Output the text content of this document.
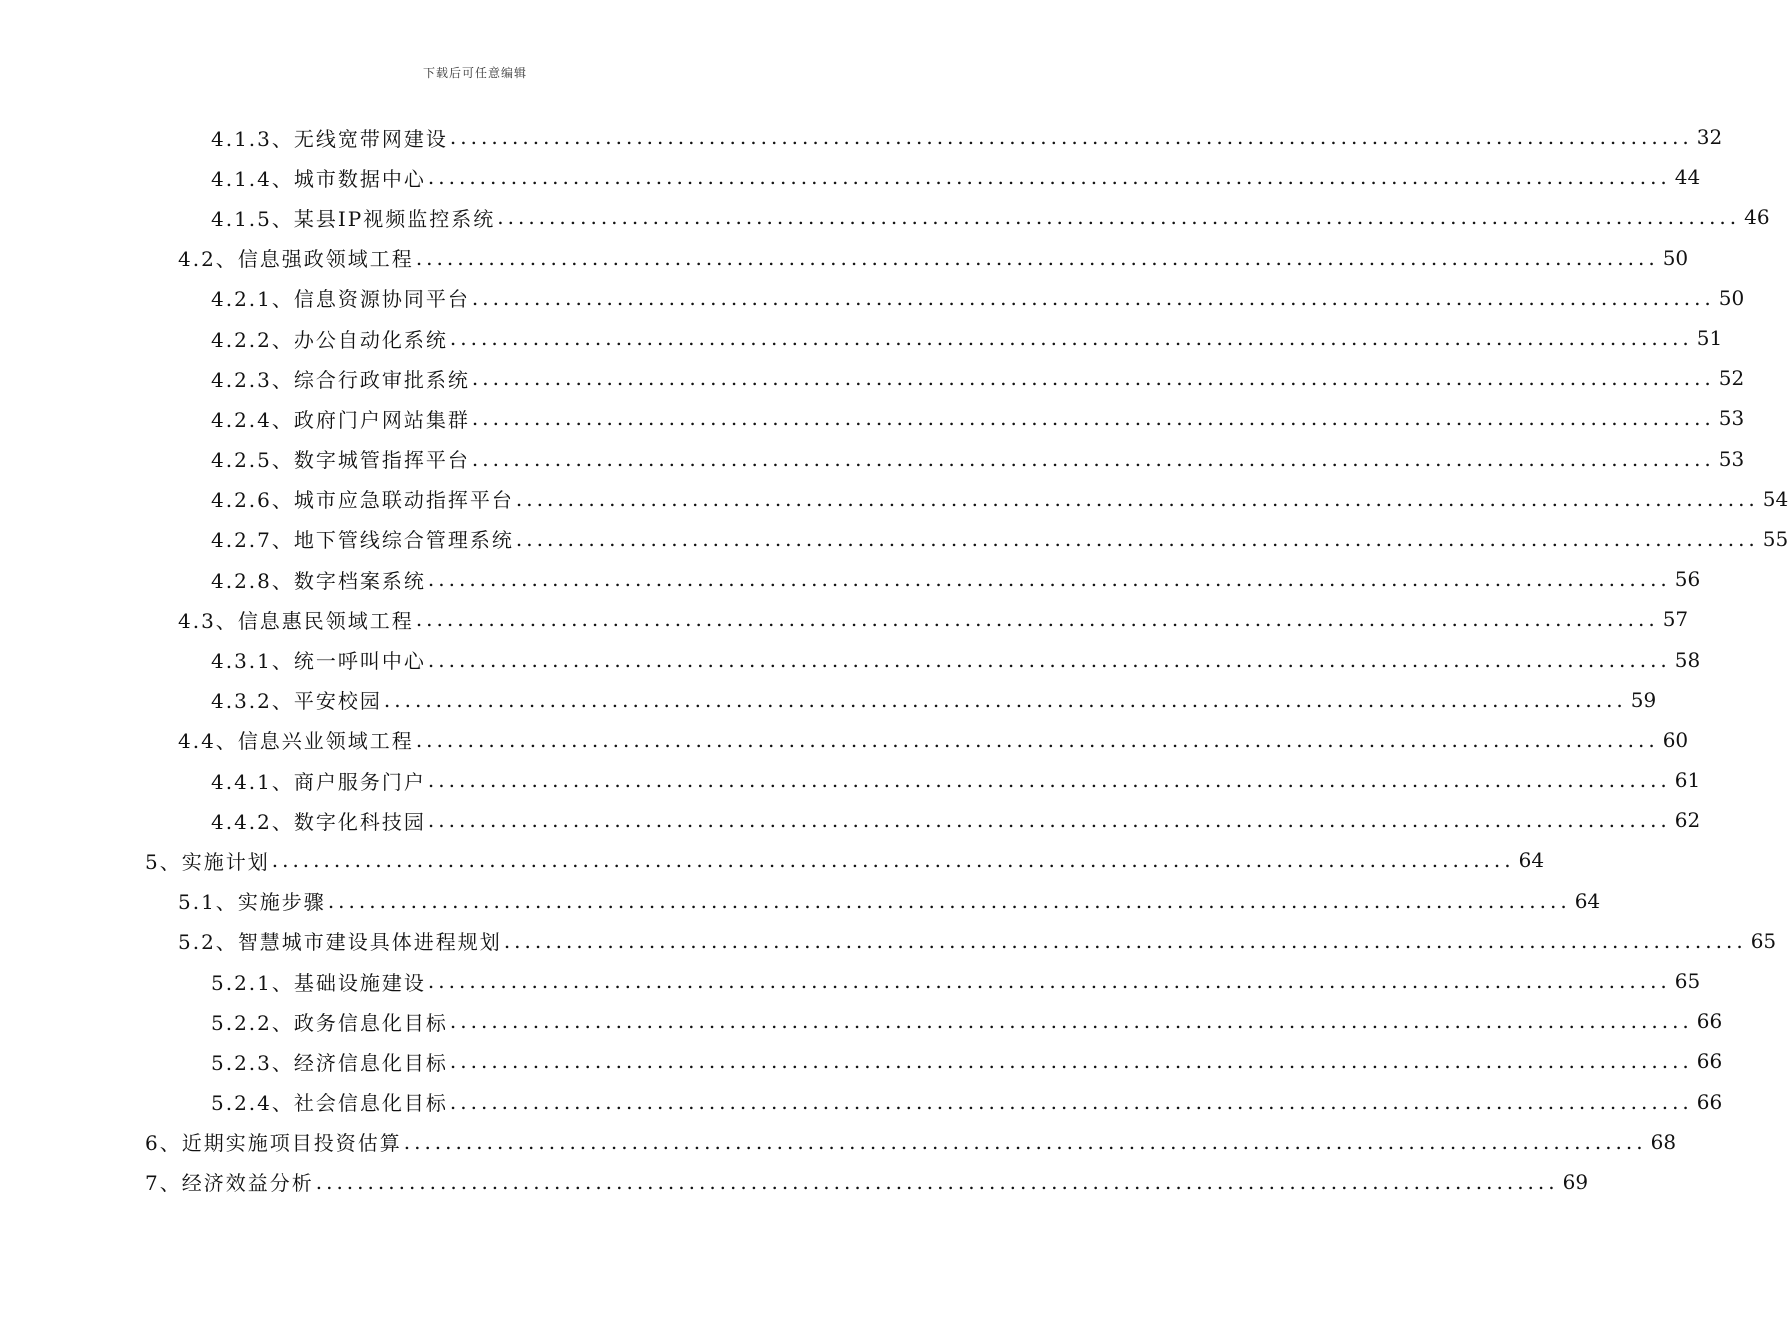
下载后可任意编辑
4.1.3、 无线宽带网建设 ........................................................................................................................ 32
4.1.4、 城市数据中心 ........................................................................................................................ 44
4.1.5、 某县IP视频监控系统 ........................................................................................................................ 46
4.2、 信息强政领域工程 ........................................................................................................................ 50
4.2.1、 信息资源协同平台 ........................................................................................................................ 50
4.2.2、 办公自动化系统 ........................................................................................................................ 51
4.2.3、 综合行政审批系统 ........................................................................................................................ 52
4.2.4、 政府门户网站集群 ........................................................................................................................ 53
4.2.5、 数字城管指挥平台 ........................................................................................................................ 53
4.2.6、 城市应急联动指挥平台 ........................................................................................................................ 54
4.2.7、 地下管线综合管理系统 ........................................................................................................................ 55
4.2.8、 数字档案系统 ........................................................................................................................ 56
4.3、 信息惠民领域工程 ........................................................................................................................ 57
4.3.1、 统一呼叫中心 ........................................................................................................................ 58
4.3.2、 平安校园 ........................................................................................................................ 59
4.4、 信息兴业领域工程 ........................................................................................................................ 60
4.4.1、 商户服务门户 ........................................................................................................................ 61
4.4.2、 数字化科技园 ........................................................................................................................ 62
5、 实施计划 ........................................................................................................................ 64
5.1、 实施步骤 ........................................................................................................................ 64
5.2、 智慧城市建设具体进程规划 ........................................................................................................................ 65
5.2.1、 基础设施建设 ........................................................................................................................ 65
5.2.2、 政务信息化目标 ........................................................................................................................ 66
5.2.3、 经济信息化目标 ........................................................................................................................ 66
5.2.4、 社会信息化目标 ........................................................................................................................ 66
6、 近期实施项目投资估算 ........................................................................................................................ 68
7、 经济效益分析 ........................................................................................................................ 69
